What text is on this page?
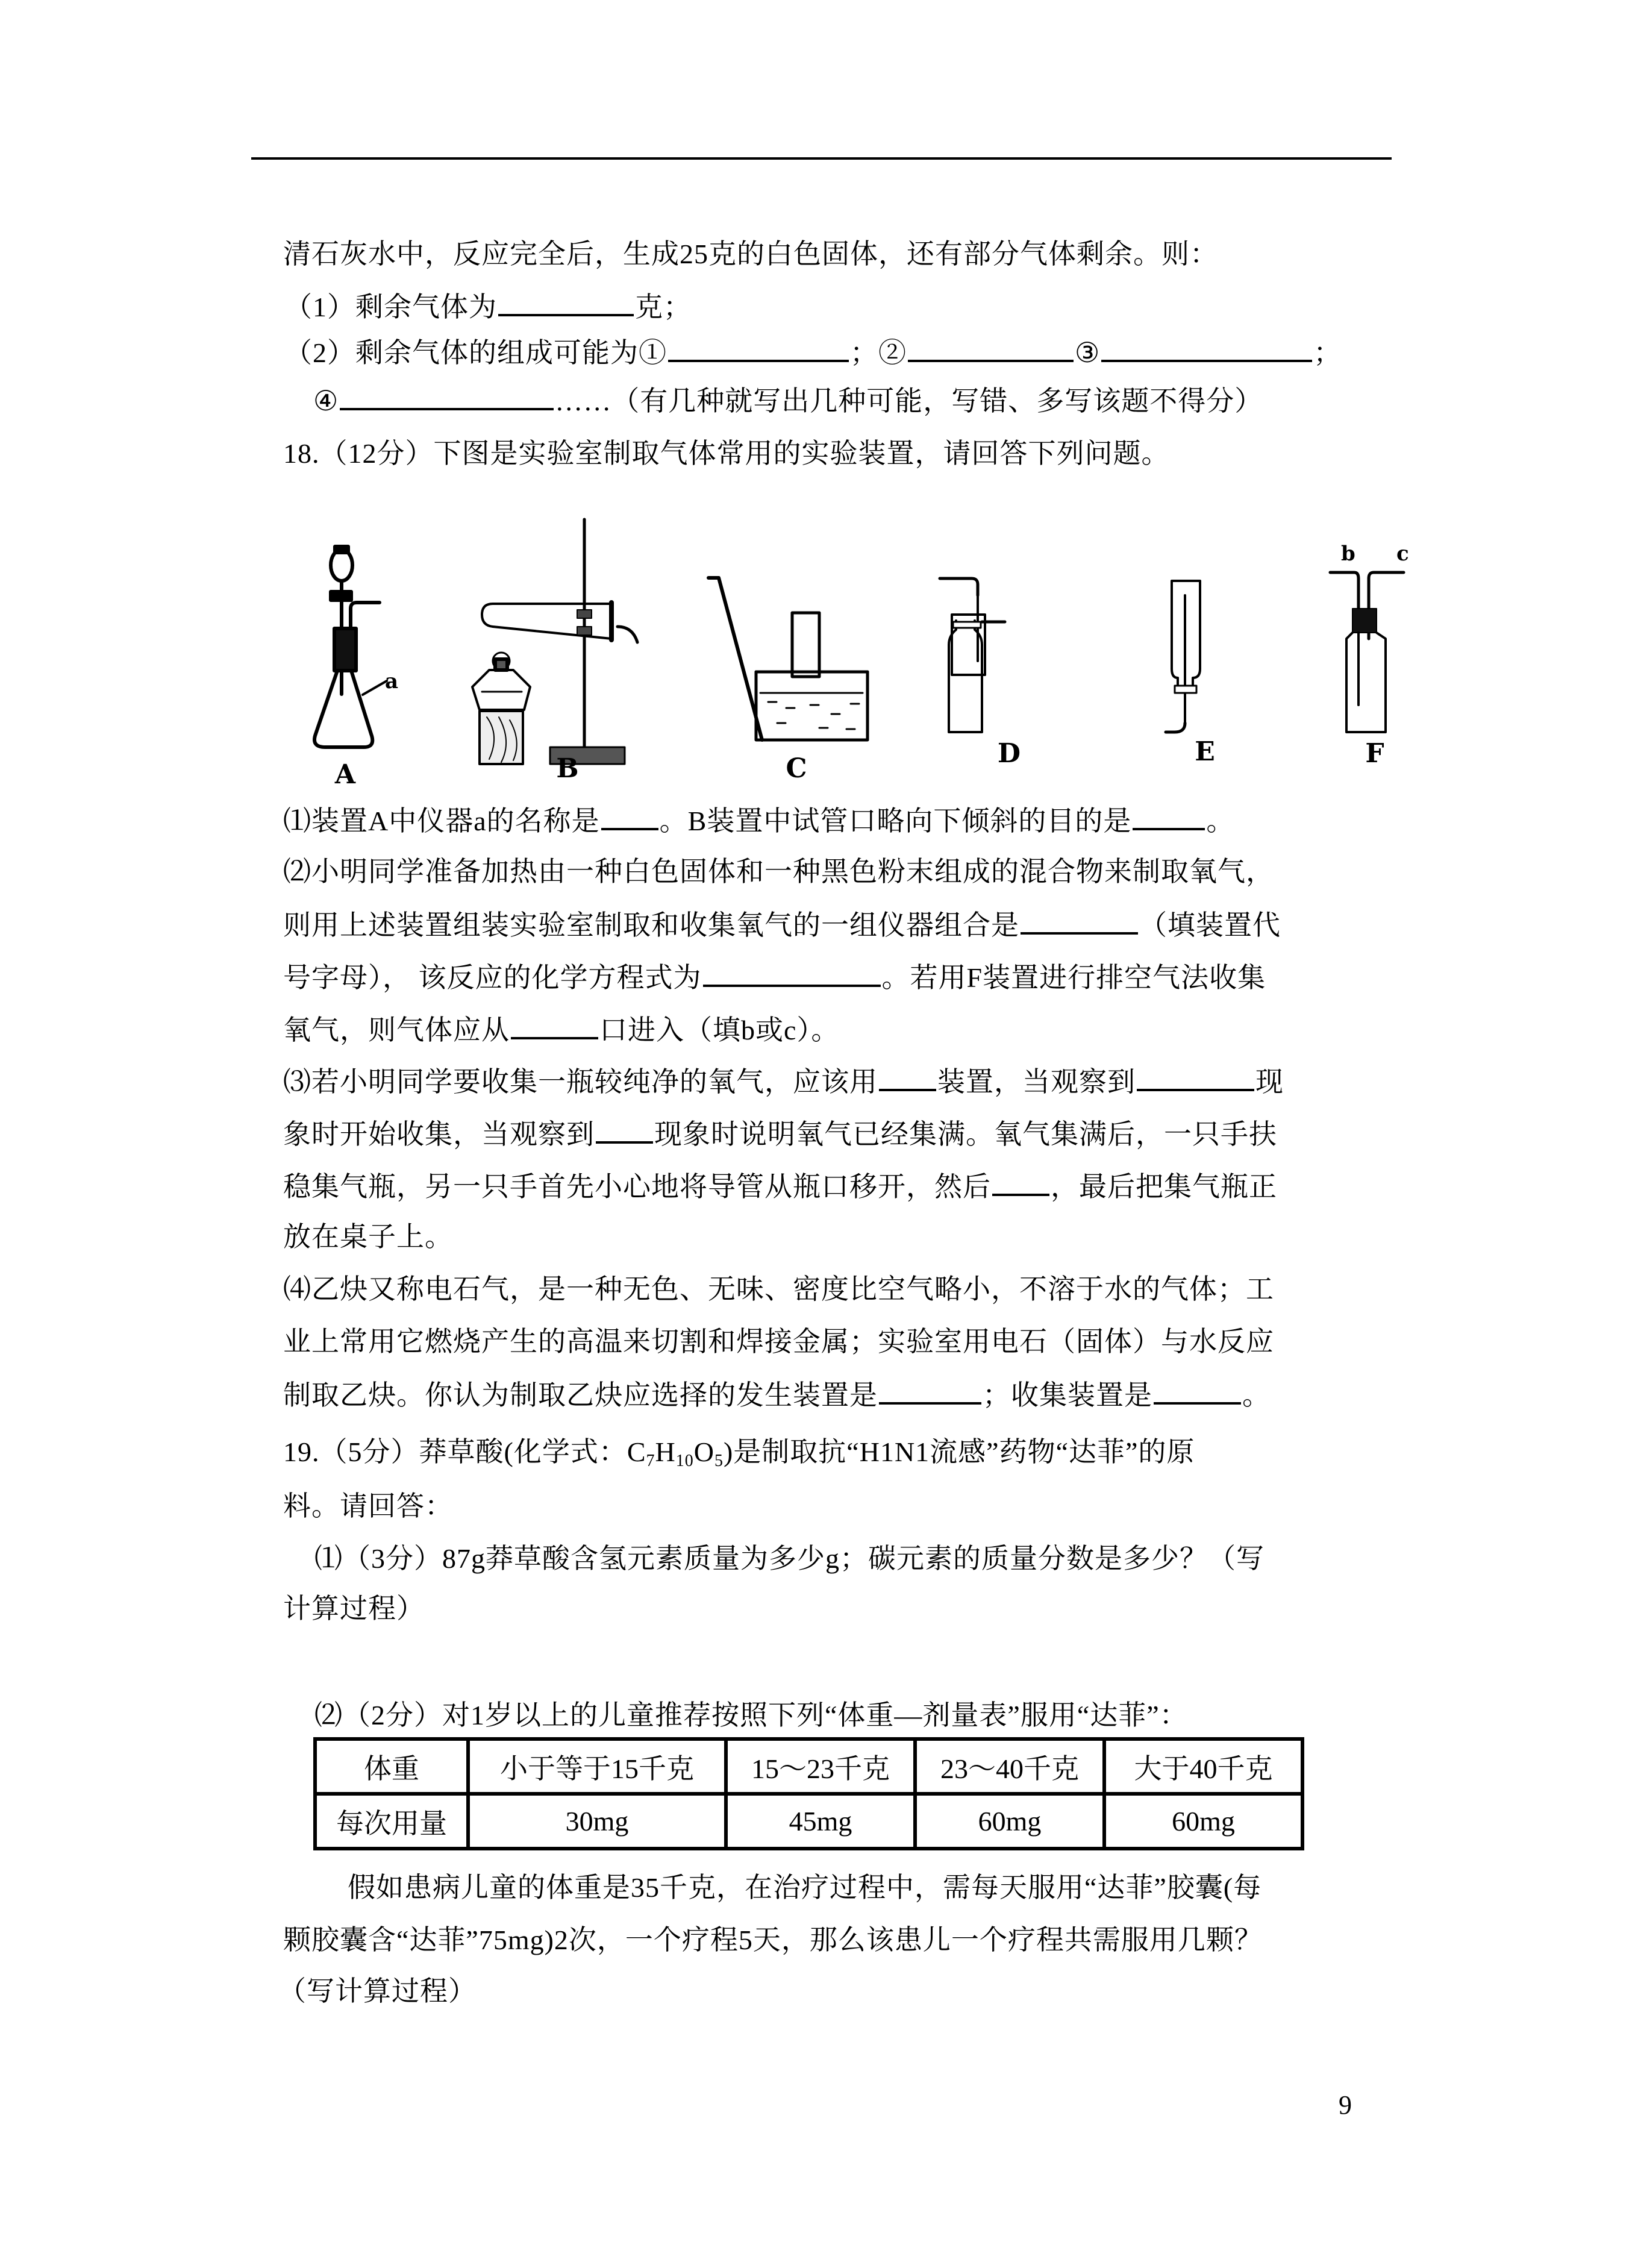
清石灰水中，反应完全后，生成25克的白色固体，还有部分气体剩余。则：
（1）剩余气体为	克；
（2）剩余气体的组成可能为①	；②	③	；
④	……（有几种就写出几种可能，写错、多写该题不得分）
18.（12分）下图是实验室制取气体常用的实验装置，请回答下列问题。
a
b c
A	B	C	D	E	F
⑴装置A中仪器a的名称是 。B装置中试管口略向下倾斜的目的是	。
⑵小明同学准备加热由一种白色固体和一种黑色粉末组成的混合物来制取氧气，
则用上述装置组装实验室制取和收集氧气的一组仪器组合是	（填装置代
号字母）， 该反应的化学方程式为	。若用F装置进行排空气法收集
氧气，则气体应从	口进入（填b或c）。
⑶若小明同学要收集一瓶较纯净的氧气，应该用 装置，当观察到	现
象时开始收集，当观察到 现象时说明氧气已经集满。氧气集满后，一只手扶
稳集气瓶，另一只手首先小心地将导管从瓶口移开，然后 ，最后把集气瓶正
放在桌子上。
⑷乙炔又称电石气，是一种无色、无味、密度比空气略小，不溶于水的气体；工
业上常用它燃烧产生的高温来切割和焊接金属；实验室用电石（固体）与水反应
制取乙炔。你认为制取乙炔应选择的发生装置是	；收集装置是	。
19.（5分）莽草酸(化学式：$C_7H_{10}O_5$)是制取抗“H1N1流感”药物“达菲”的原
料。请回答：
⑴（3分）87g莽草酸含氢元素质量为多少g；碳元素的质量分数是多少？（写
计算过程）
⑵（2分）对1岁以上的儿童推荐按照下列“体重—剂量表”服用“达菲”：
体重	小于等于15千克	15～23千克	23～40千克	大于40千克
每次用量	30mg	45mg	60mg	60mg
假如患病儿童的体重是35千克，在治疗过程中，需每天服用“达菲”胶囊(每
颗胶囊含“达菲”75mg)2次，一个疗程5天，那么该患儿一个疗程共需服用几颗？
（写计算过程）
9
